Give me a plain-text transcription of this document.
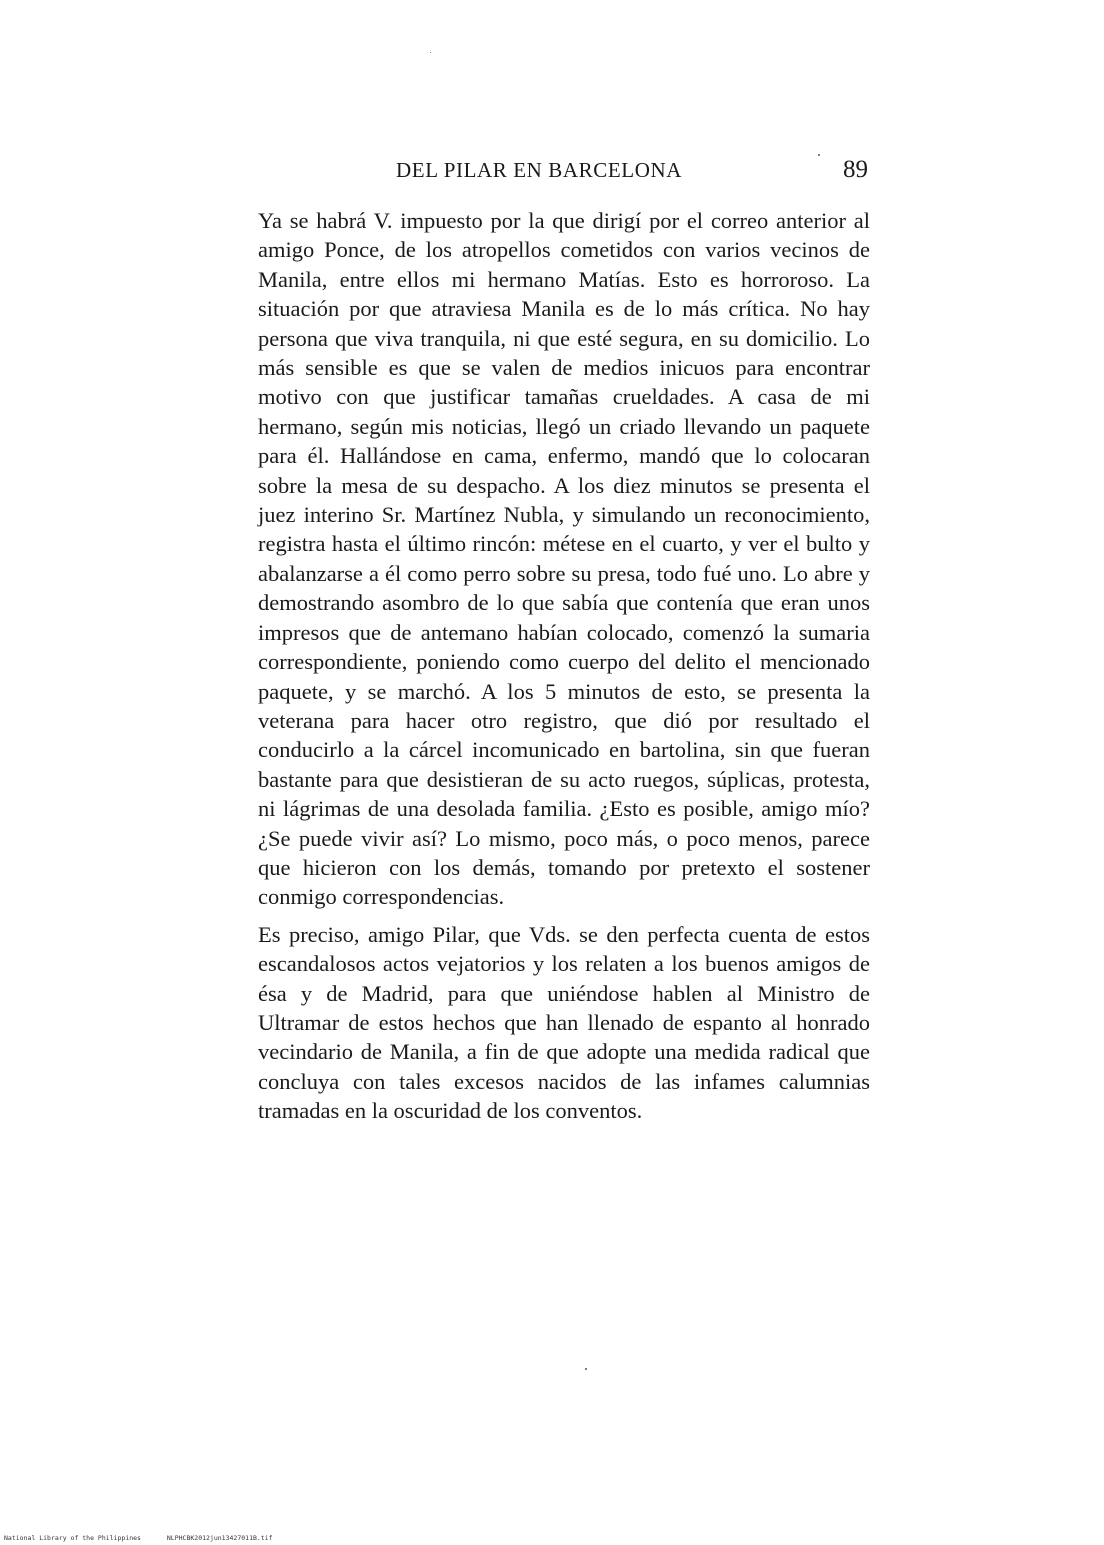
DEL PILAR EN BARCELONA	89

Ya se habrá V. impuesto por la que dirigí por el correo anterior al amigo Ponce, de los atropellos cometidos con varios vecinos de Manila, entre ellos mi hermano Matías. Esto es horroroso. La situación por que atraviesa Manila es de lo más crítica. No hay persona que viva tranquila, ni que esté segura, en su domicilio. Lo más sensible es que se valen de medios inicuos para encontrar motivo con que justificar tamañas crueldades. A casa de mi hermano, según mis noticias, llegó un criado llevando un paquete para él. Hallándose en cama, enfermo, mandó que lo colocaran sobre la mesa de su despacho. A los diez minutos se presenta el juez interino Sr. Martínez Nubla, y simulando un reconocimiento, registra hasta el último rincón: métese en el cuarto, y ver el bulto y abalanzarse a él como perro sobre su presa, todo fué uno. Lo abre y demostrando asombro de lo que sabía que contenía que eran unos impresos que de antemano habían colocado, comenzó la sumaria correspondiente, poniendo como cuerpo del delito el mencionado paquete, y se marchó. A los 5 minutos de esto, se presenta la veterana para hacer otro registro, que dió por resultado el conducirlo a la cárcel incomunicado en bartolina, sin que fueran bastante para que desistieran de su acto ruegos, súplicas, protesta, ni lágrimas de una desolada familia. ¿Esto es posible, amigo mío? ¿Se puede vivir así? Lo mismo, poco más, o poco menos, parece que hicieron con los demás, tomando por pretexto el sostener conmigo correspondencias.

Es preciso, amigo Pilar, que Vds. se den perfecta cuenta de estos escandalosos actos vejatorios y los relaten a los buenos amigos de ésa y de Madrid, para que uniéndose hablen al Ministro de Ultramar de estos hechos que han llenado de espanto al honrado vecindario de Manila, a fin de que adopte una medida radical que concluya con tales excesos nacidos de las infames calumnias tramadas en la oscuridad de los conventos.

National Library of the Philippines	NLPHCBK2012jun13427011B.tif
